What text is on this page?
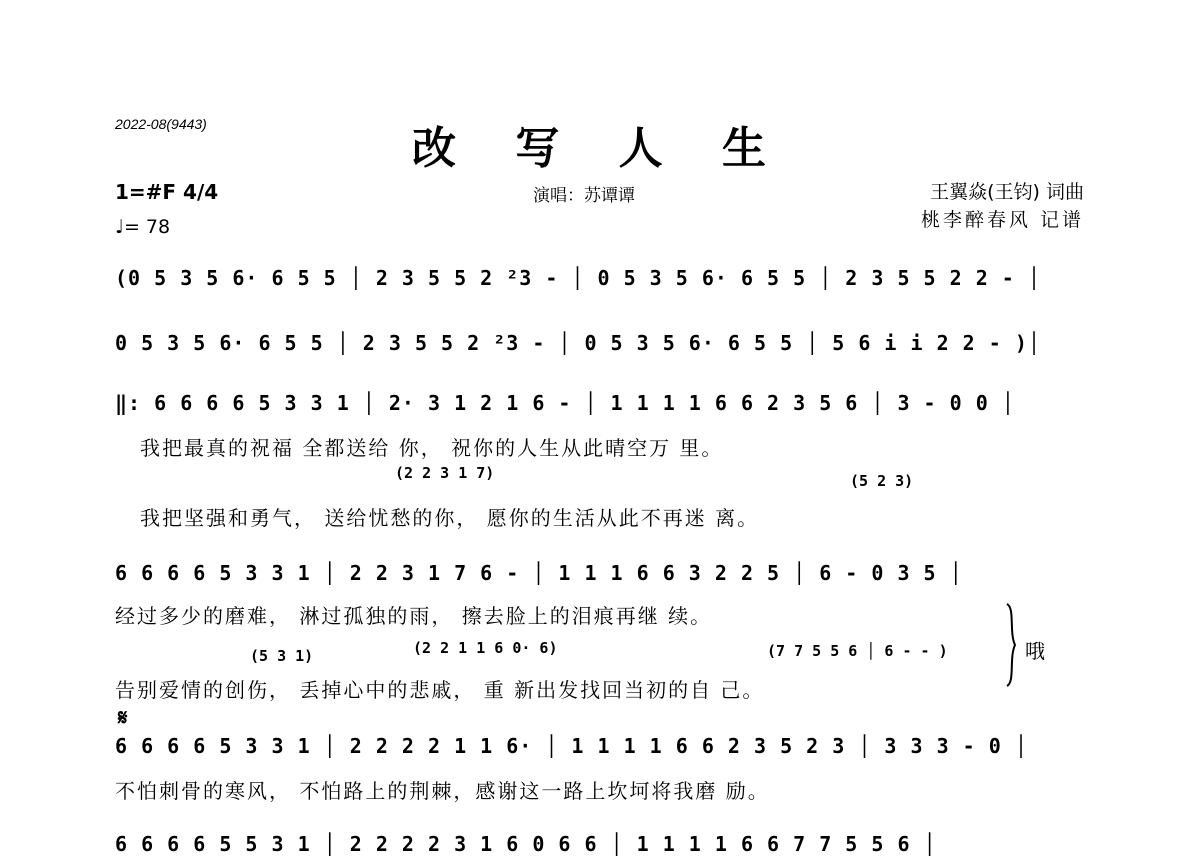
2022-08(9443)	改 写 人 生
演唱：苏谭谭	王翼焱(王钧) 词曲
桃李醉春风 记谱
1=#F 4/4
♩= 78
(0 5 3 5 6· 6 5 5 │ 2 3 5 5 2 ²3 - │ 0 5 3 5 6· 6 5 5 │ 2 3 5 5 2 2 - │
0 5 3 5 6· 6 5 5 │ 2 3 5 5 2 ²3 - │ 0 5 3 5 6· 6 5 5 │ 5 6 i i 2 2 - )│
‖: 6 6 6 6 5 3 3 1 │ 2· 3 1 2 1 6 - │ 1 1 1 1 6 6 2 3 5 6 │ 3 - 0 0 │
我把最真的祝福 全都送给 你， 祝你的人生从此晴空万 里。
(2 2 3 1 7)	(5 2 3)
我把坚强和勇气， 送给忧愁的你， 愿你的生活从此不再迷 离。
6 6 6 6 5 3 3 1 │ 2 2 3 1 7 6 - │ 1 1 1 6 6 3 2 2 5 │ 6 - 0 3 5 │
经过多少的磨难， 淋过孤独的雨， 擦去脸上的泪痕再继 续。
(5 3 1)	(2 2 1 1 6 0· 6)	(7 7 5 5 6 │ 6 - - )	哦
告别爱情的创伤， 丢掉心中的悲戚， 重 新出发找回当初的自 己。
𝄋
6 6 6 6 5 3 3 1 │ 2 2 2 2 1 1 6· │ 1 1 1 1 6 6 2 3 5 2 3 │ 3 3 3 - 0 │
不怕刺骨的寒风， 不怕路上的荆棘，感谢这一路上坎坷将我磨 励。
6 6 6 6 5 5 3 1 │ 2 2 2 2 3 1 6 0 6 6 │ 1 1 1 1 6 6 7 7 5 5 6 │
